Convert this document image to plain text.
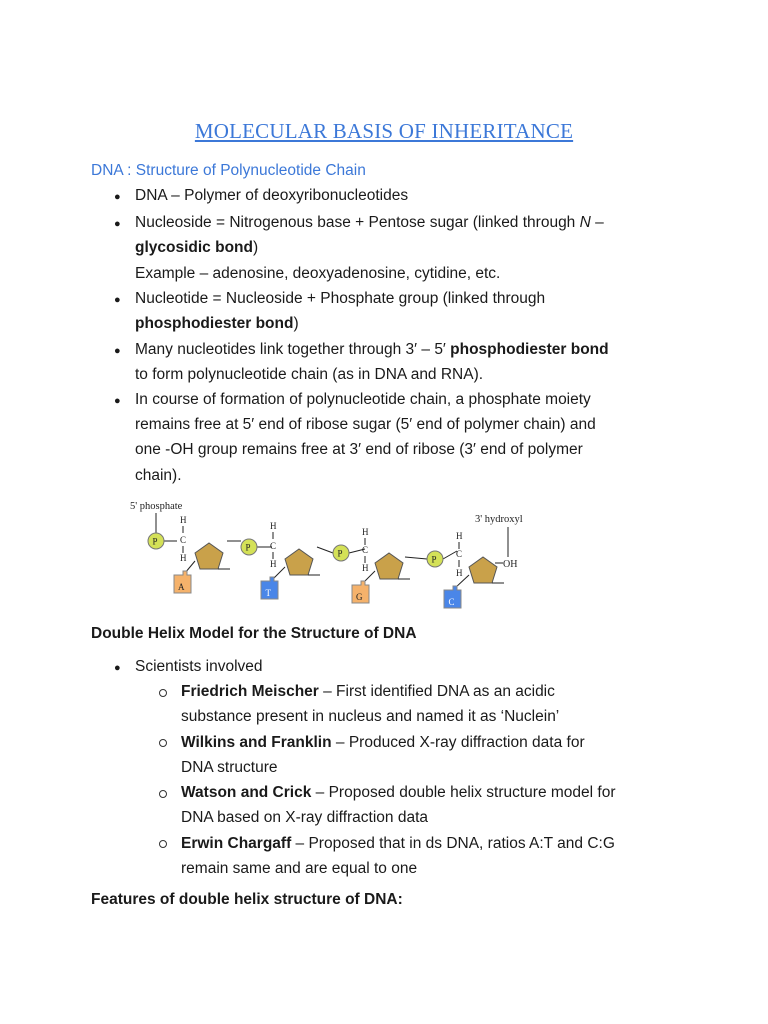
MOLECULAR BASIS OF INHERITANCE
DNA : Structure of Polynucleotide Chain
● DNA – Polymer of deoxyribonucleotides
● Nucleoside = Nitrogenous base + Pentose sugar (linked through N –
glycosidic bond)
Example – adenosine, deoxyadenosine, cytidine, etc.
● Nucleotide = Nucleoside + Phosphate group (linked through
phosphodiester bond)
● Many nucleotides link together through 3′ – 5′ phosphodiester bond
to form polynucleotide chain (as in DNA and RNA).
● In course of formation of polynucleotide chain, a phosphate moiety
remains free at 5′ end of ribose sugar (5′ end of polymer chain) and
one -OH group remains free at 3′ end of ribose (3′ end of polymer
chain).
5' phosphate
3' hydroxyl
OH
H
C
H
H
C
H
H
C
H
H
C
H
P
P
P
P
A
T	G	C
Double Helix Model for the Structure of DNA
● Scientists involved
Friedrich Meischer – First identified DNA as an acidic
substance present in nucleus and named it as ‘Nuclein’
Wilkins and Franklin – Produced X-ray diffraction data for
DNA structure
Watson and Crick – Proposed double helix structure model for
DNA based on X-ray diffraction data
Erwin Chargaff – Proposed that in ds DNA, ratios A:T and C:G
remain same and are equal to one
Features of double helix structure of DNA:
